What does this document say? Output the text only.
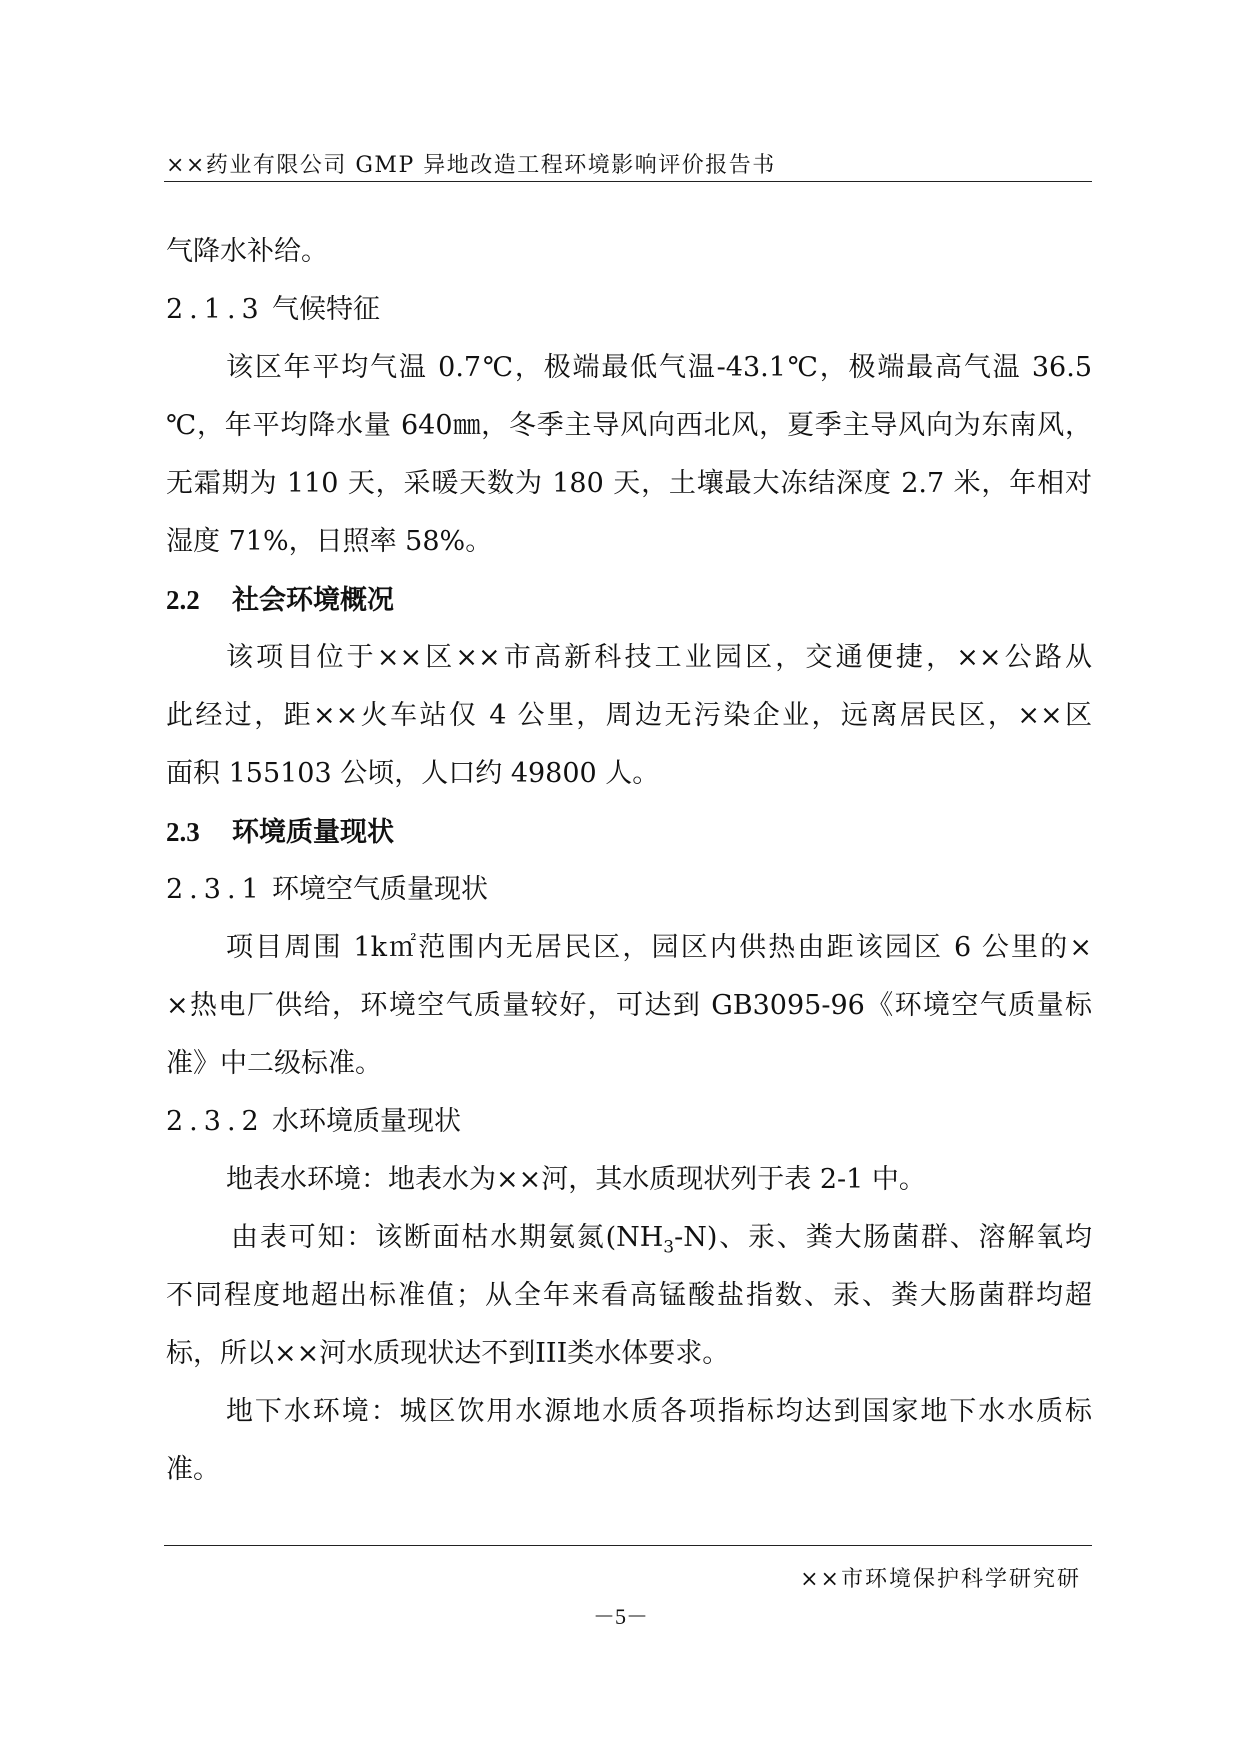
××药业有限公司 GMP 异地改造工程环境影响评价报告书
气降水补给。
2.1.3 气候特征
该区年平均气温 0.7℃，极端最低气温-43.1℃，极端最高气温 36.5
℃，年平均降水量 640㎜，冬季主导风向西北风，夏季主导风向为东南风，
无霜期为 110 天，采暖天数为 180 天，土壤最大冻结深度 2.7 米，年相对
湿度 71%，日照率 58%。
2.2 社会环境概况
该项目位于××区××市高新科技工业园区，交通便捷，××公路从
此经过，距××火车站仅 4 公里，周边无污染企业，远离居民区，××区
面积 155103 公顷，人口约 49800 人。
2.3 环境质量现状
2.3.1 环境空气质量现状
项目周围 1k㎡范围内无居民区，园区内供热由距该园区 6 公里的×
×热电厂供给，环境空气质量较好，可达到 GB3095-96《环境空气质量标
准》中二级标准。
2.3.2 水环境质量现状
地表水环境：地表水为××河，其水质现状列于表 2-1 中。
由表可知：该断面枯水期氨氮$(NH_3-N)$、汞、粪大肠菌群、溶解氧均
不同程度地超出标准值；从全年来看高锰酸盐指数、汞、粪大肠菌群均超
标，所以××河水质现状达不到III类水体要求。
地下水环境：城区饮用水源地水质各项指标均达到国家地下水水质标
准。
××市环境保护科学研究研
－5－
